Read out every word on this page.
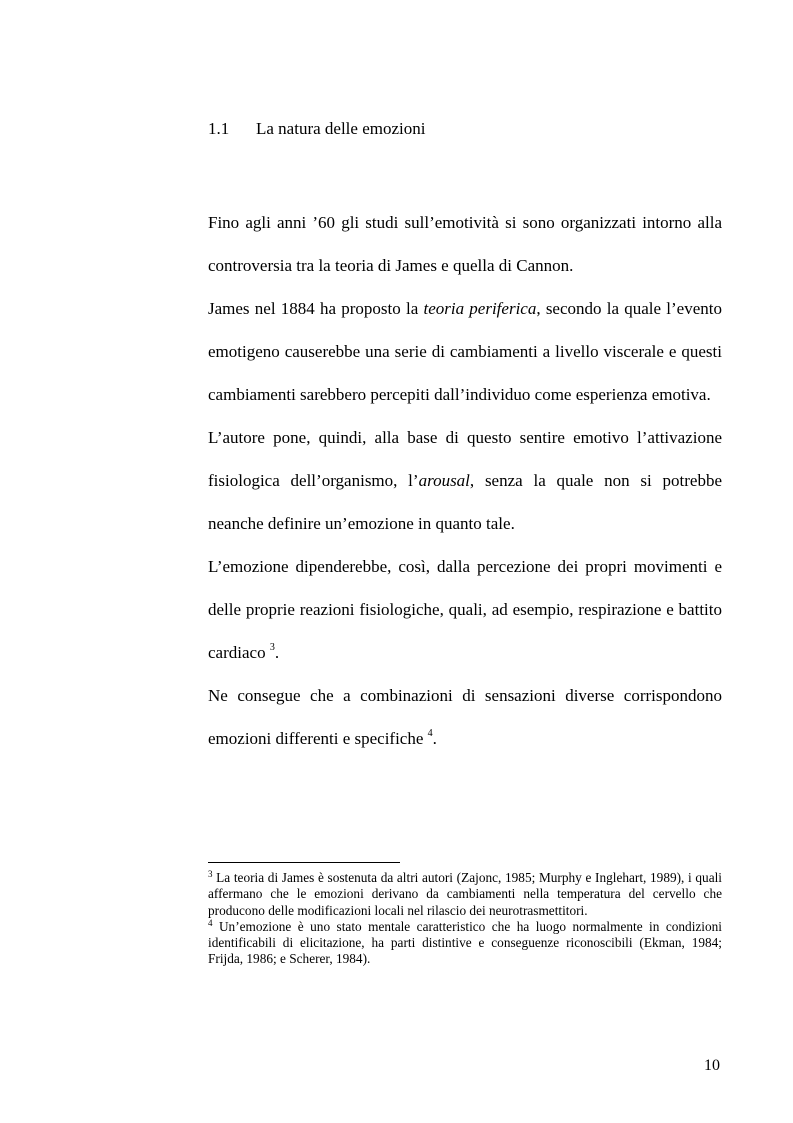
1.1 La natura delle emozioni

Fino agli anni ’60 gli studi sull’emotività si sono organizzati intorno alla controversia tra la teoria di James e quella di Cannon.

James nel 1884 ha proposto la teoria periferica, secondo la quale l’evento emotigeno causerebbe una serie di cambiamenti a livello viscerale e questi cambiamenti sarebbero percepiti dall’individuo come esperienza emotiva.

L’autore pone, quindi, alla base di questo sentire emotivo l’attivazione fisiologica dell’organismo, l’arousal, senza la quale non si potrebbe neanche definire un’emozione in quanto tale.

L’emozione dipenderebbe, così, dalla percezione dei propri movimenti e delle proprie reazioni fisiologiche, quali, ad esempio, respirazione e battito cardiaco $^3$.

Ne consegue che a combinazioni di sensazioni diverse corrispondono emozioni differenti e specifiche $^4$.

$^3$ La teoria di James è sostenuta da altri autori (Zajonc, 1985; Murphy e Inglehart, 1989), i quali affermano che le emozioni derivano da cambiamenti nella temperatura del cervello che producono delle modificazioni locali nel rilascio dei neurotrasmettitori.

$^4$ Un’emozione è uno stato mentale caratteristico che ha luogo normalmente in condizioni identificabili di elicitazione, ha parti distintive e conseguenze riconoscibili (Ekman, 1984; Frijda, 1986; e Scherer, 1984).

10
